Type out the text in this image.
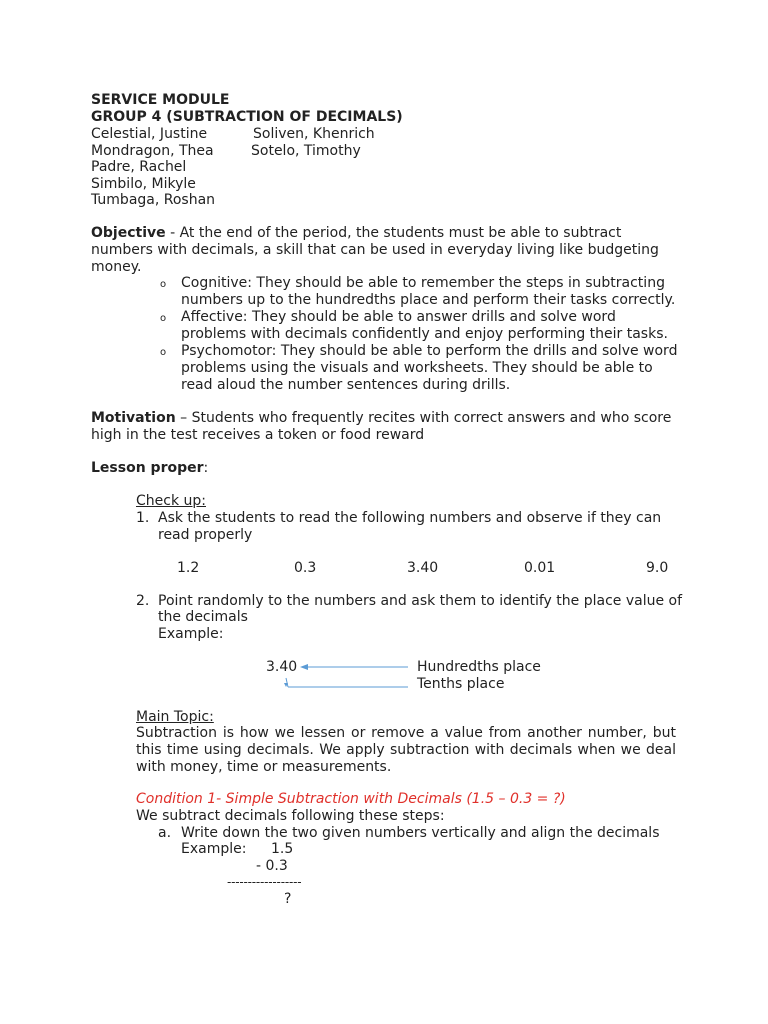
SERVICE MODULE
GROUP 4 (SUBTRACTION OF DECIMALS)
Celestial, Justine	Soliven, Khenrich
Mondragon, Thea	Sotelo, Timothy
Padre, Rachel
Simbilo, Mikyle
Tumbaga, Roshan
Objective - At the end of the period, the students must be able to subtract
numbers with decimals, a skill that can be used in everyday living like budgeting
money.
o Cognitive: They should be able to remember the steps in subtracting
numbers up to the hundredths place and perform their tasks correctly.
o Affective: They should be able to answer drills and solve word
problems with decimals confidently and enjoy performing their tasks.
o Psychomotor: They should be able to perform the drills and solve word
problems using the visuals and worksheets. They should be able to
read aloud the number sentences during drills.
Motivation – Students who frequently recites with correct answers and who score
high in the test receives a token or food reward
Lesson proper:
Check up:
1. Ask the students to read the following numbers and observe if they can
read properly
1.2	0.3	3.40	0.01	9.0
2. Point randomly to the numbers and ask them to identify the place value of
the decimals
Example:
3.40	Hundredths place
Tenths place
Main Topic:
Subtraction is how we lessen or remove a value from another number, but this time using decimals. We apply subtraction with decimals when we deal with money, time or measurements.
Condition 1- Simple Subtraction with Decimals (1.5 – 0.3 = ?)
We subtract decimals following these steps:
a. Write down the two given numbers vertically and align the decimals
Example: 1.5
- 0.3
------------------
?
